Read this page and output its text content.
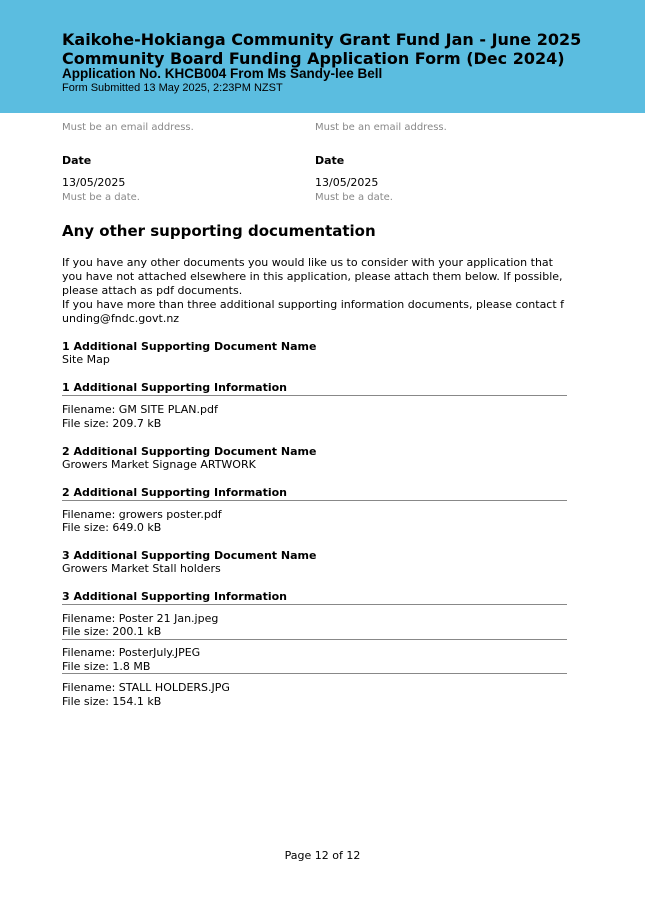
Kaikohe-Hokianga Community Grant Fund Jan - June 2025
Community Board Funding Application Form (Dec 2024)
Application No. KHCB004 From Ms Sandy-lee Bell
Form Submitted 13 May 2025, 2:23PM NZST
Must be an email address.	Must be an email address.
Date	Date
13/05/2025	13/05/2025
Must be a date.	Must be a date.
Any other supporting documentation
If you have any other documents you would like us to consider with your application that you have not attached elsewhere in this application, please attach them below. If possible, please attach as pdf documents.
If you have more than three additional supporting information documents, please contact funding@fndc.govt.nz
1 Additional Supporting Document Name
Site Map
1 Additional Supporting Information
Filename: GM SITE PLAN.pdf
File size: 209.7 kB
2 Additional Supporting Document Name
Growers Market Signage ARTWORK
2 Additional Supporting Information
Filename: growers poster.pdf
File size: 649.0 kB
3 Additional Supporting Document Name
Growers Market Stall holders
3 Additional Supporting Information
Filename: Poster 21 Jan.jpeg
File size: 200.1 kB
Filename: PosterJuly.JPEG
File size: 1.8 MB
Filename: STALL HOLDERS.JPG
File size: 154.1 kB
Page 12 of 12
